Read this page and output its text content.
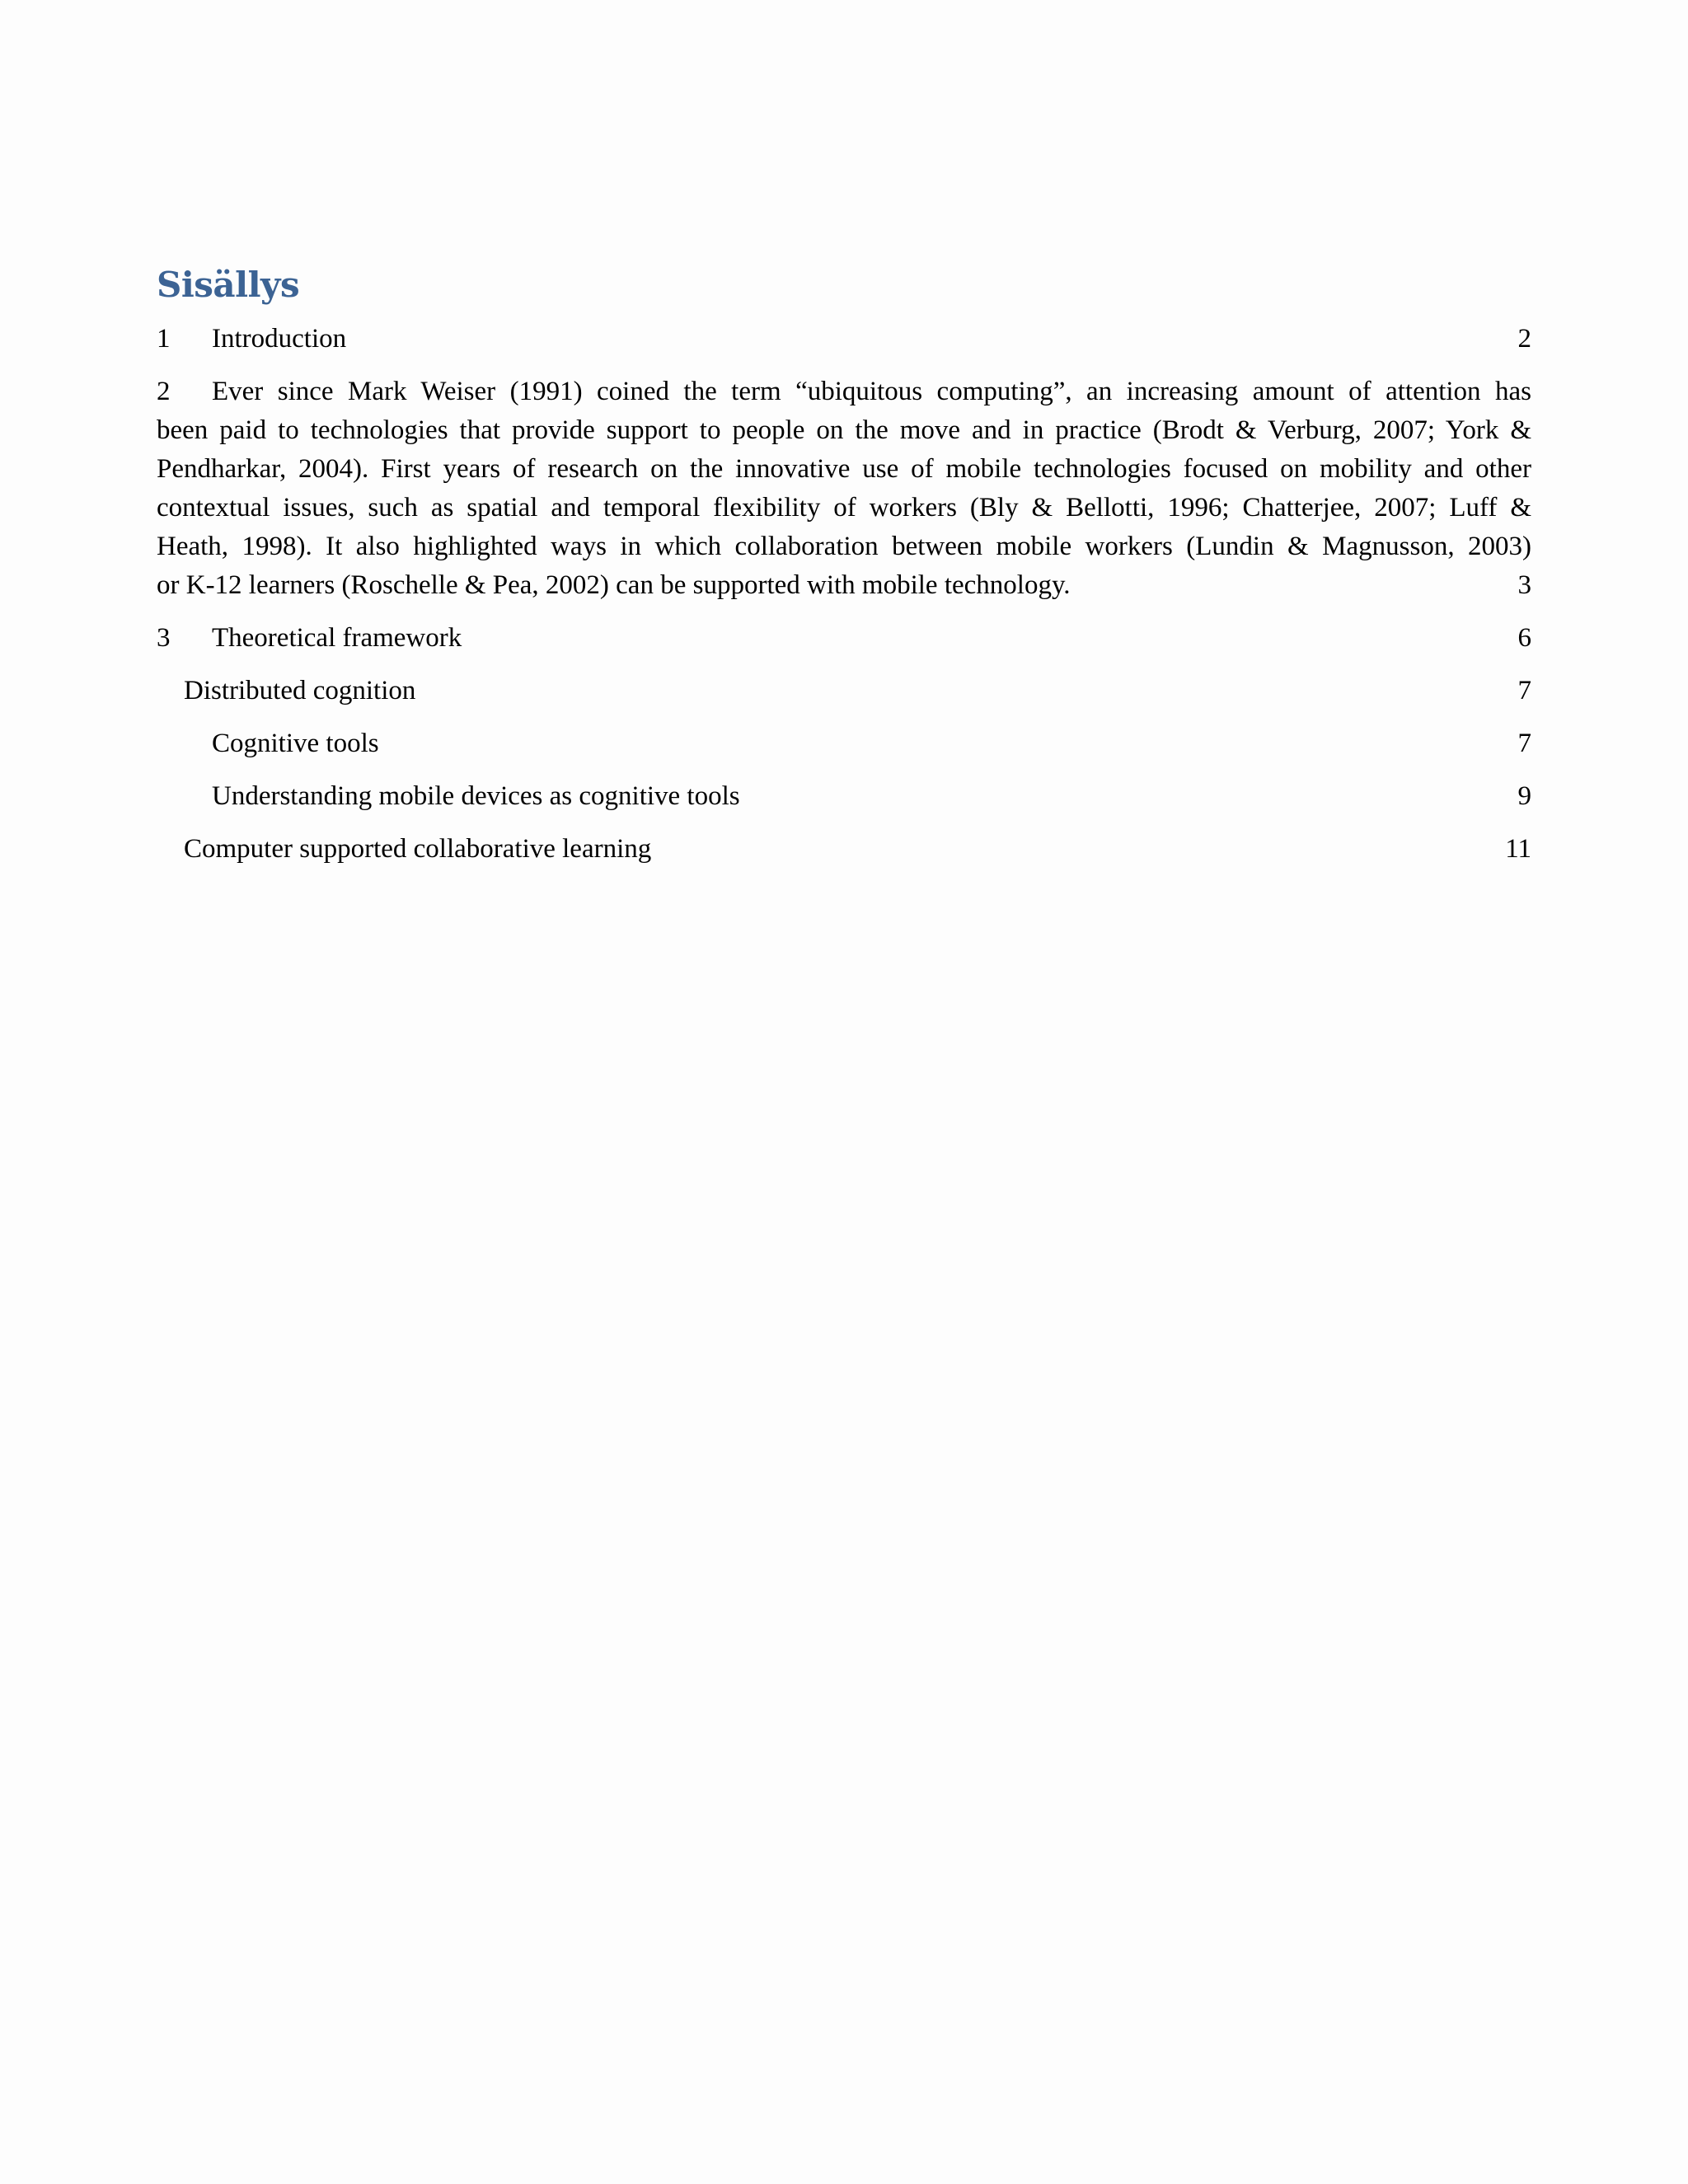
Sisällys
1	Introduction	2
2 Ever since Mark Weiser (1991) coined the term “ubiquitous computing”, an increasing amount of attention has
been paid to technologies that provide support to people on the move and in practice (Brodt & Verburg, 2007; York &
Pendharkar, 2004). First years of research on the innovative use of mobile technologies focused on mobility and other
contextual issues, such as spatial and temporal flexibility of workers (Bly & Bellotti, 1996; Chatterjee, 2007; Luff &
Heath, 1998). It also highlighted ways in which collaboration between mobile workers (Lundin & Magnusson, 2003)
or K-12 learners (Roschelle & Pea, 2002) can be supported with mobile technology.	3
3	Theoretical framework	6
Distributed cognition	7
Cognitive tools	7
Understanding mobile devices as cognitive tools	9
Computer supported collaborative learning	11
